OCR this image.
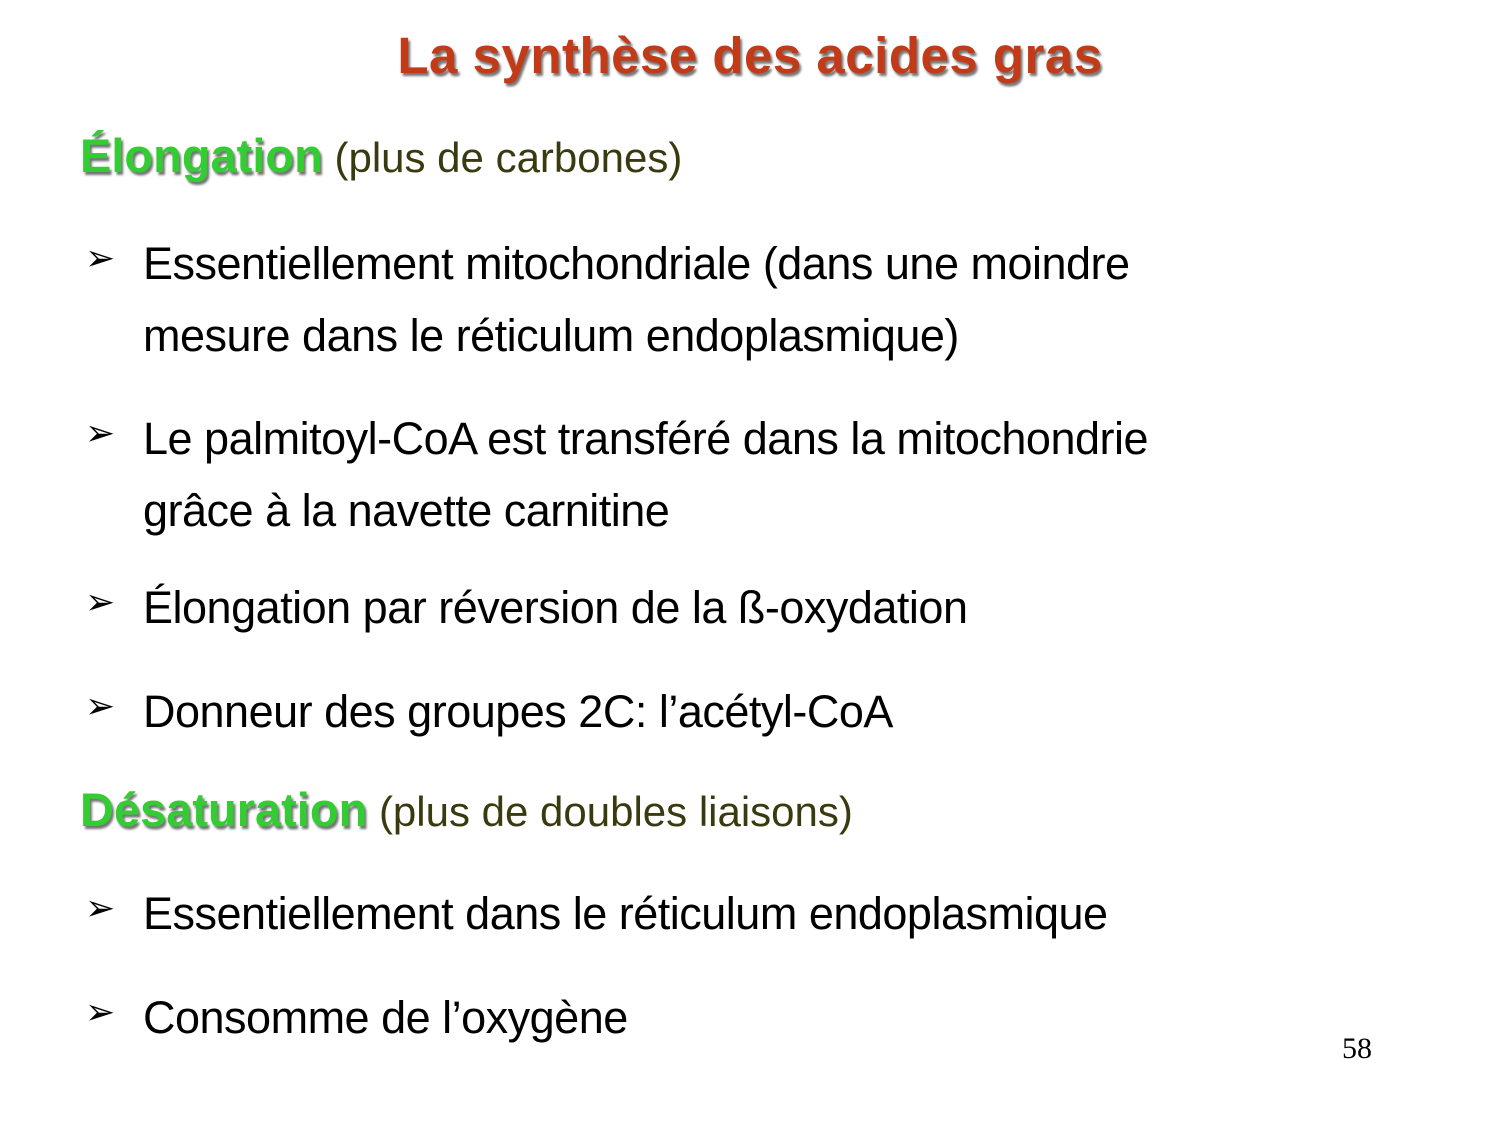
La synthèse des acides gras
Élongation (plus de carbones)
➢ Essentiellement mitochondriale (dans une moindre
mesure dans le réticulum endoplasmique)
➢ Le palmitoyl-CoA est transféré dans la mitochondrie
grâce à la navette carnitine
➢ Élongation par réversion de la ß-oxydation
➢ Donneur des groupes 2C: l’acétyl-CoA
Désaturation (plus de doubles liaisons)
➢ Essentiellement dans le réticulum endoplasmique
➢ Consomme de l’oxygène
58
